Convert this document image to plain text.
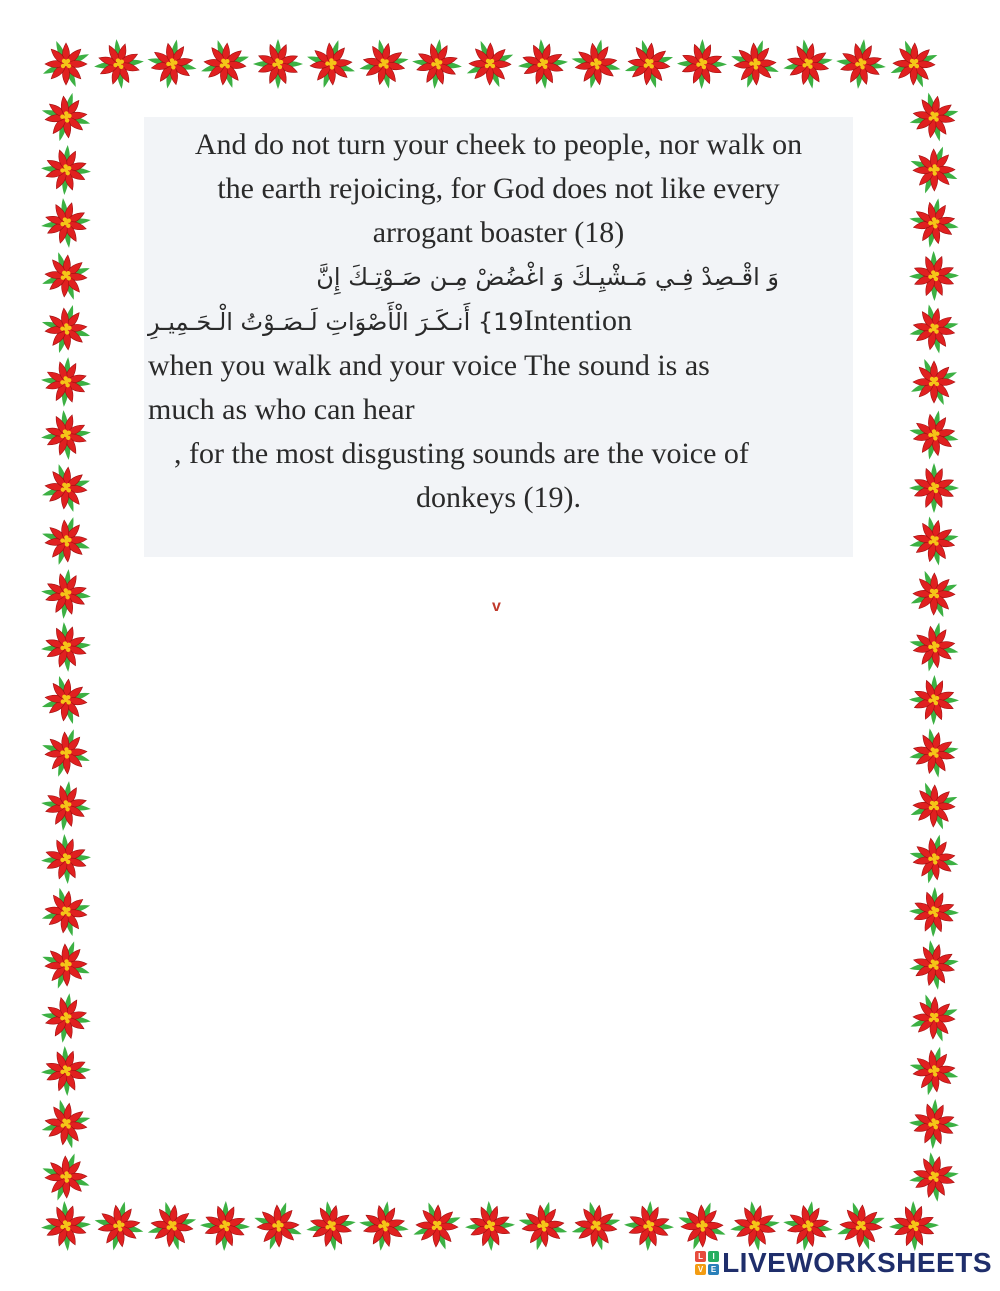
And do not turn your cheek to people, nor walk on
the earth rejoicing, for God does not like every
arrogant boaster (18)
وَ اقْـصِدْ فِـي مَـشْيِـكَ وَ اغْضُضْ مِـن صَـوْتِـكَ إِنَّ
19} أَنـكَـرَ الْأَصْوَاتِ لَـصَـوْتُ الْـحَـمِيـرِIntention
when you walk and your voice The sound is as
much as who can hear
, for the most disgusting sounds are the voice of
donkeys (19).
v
L	I
V E LIVEWORKSHEETS
